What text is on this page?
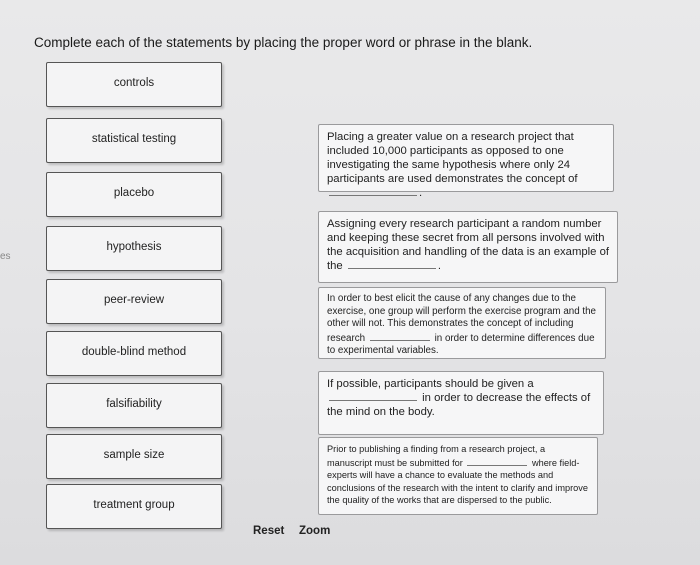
Complete each of the statements by placing the proper word or phrase in the blank.
es
controls
statistical testing
placebo
hypothesis
peer-review
double-blind method
falsifiability
sample size
treatment group
Placing a greater value on a research project that included 10,000 participants as opposed to one investigating the same hypothesis where only 24 participants are used demonstrates the concept of .
Assigning every research participant a random number and keeping these secret from all persons involved with the acquisition and handling of the data is an example of the	.
In order to best elicit the cause of any changes due to the exercise, one group will perform the exercise program and the other will not. This demonstrates the concept of including research	in order to determine differences due to experimental variables.
If possible, participants should be given a  in order to decrease the effects of the mind on the body.
Prior to publishing a finding from a research project, a manuscript must be submitted for	where field-experts will have a chance to evaluate the methods and conclusions of the research with the intent to clarify and improve the quality of the works that are dispersed to the public.
Reset Zoom
